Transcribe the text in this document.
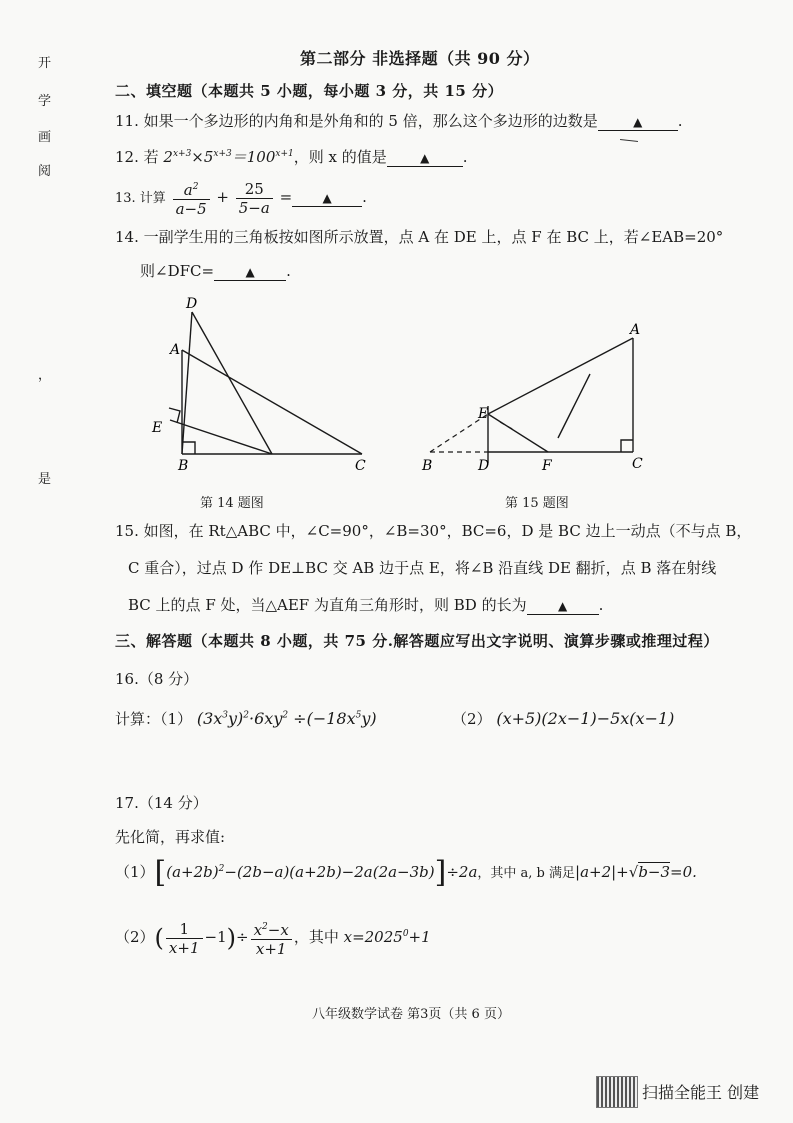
开
学
画
阅
，
是
第二部分 非选择题（共 90 分）
二、填空题（本题共 5 小题，每小题 3 分，共 15 分）
11. 如果一个多边形的内角和是外角和的 5 倍，那么这个多边形的边数是	▲ .
12. 若 $2^{x+3}\times 5^{x+3}=100^{x+1}$，则 x 的值是	▲ .
13. 计算 $\frac{a^2}{a-5} + \frac{25}{5-a}$ =	▲ .
14. 一副学生用的三角板按如图所示放置，点 A 在 DE 上，点 F 在 BC 上，若∠EAB=20°
则∠DFC=	▲ .
D
A
E
B	C
第 14 题图
A
E
B	D	F	C
第 15 题图
15. 如图，在 Rt△ABC 中，∠C=90°，∠B=30°，BC=6，D 是 BC 边上一动点（不与点 B，
C 重合），过点 D 作 DE⊥BC 交 AB 边于点 E，将∠B 沿直线 DE 翻折，点 B 落在射线
BC 上的点 F 处，当△AEF 为直角三角形时，则 BD 的长为	▲ .
三、解答题（本题共 8 小题，共 75 分.解答题应写出文字说明、演算步骤或推理过程）
16.（8 分）
计算：（1） $(3x^3y)^2\cdot 6xy^2 \div(-18x^5y)$	（2） (x+5)(2x−1)−5x(x−1)
17.（14 分）
先化简，再求值:
$(1)[(a+2b)^2-(2b-a)(a+2b)-2a(2a-3b)]\div 2a$，其中 a, b 满足|a+2|+√b−3=0.
$(2)( \frac{1}{x+1} -1)\div \frac{x^2-x}{x+1}$ ，其中 $x=2025^0+1$
八年级数学试卷 第3页（共 6 页）
扫描全能王 创建
